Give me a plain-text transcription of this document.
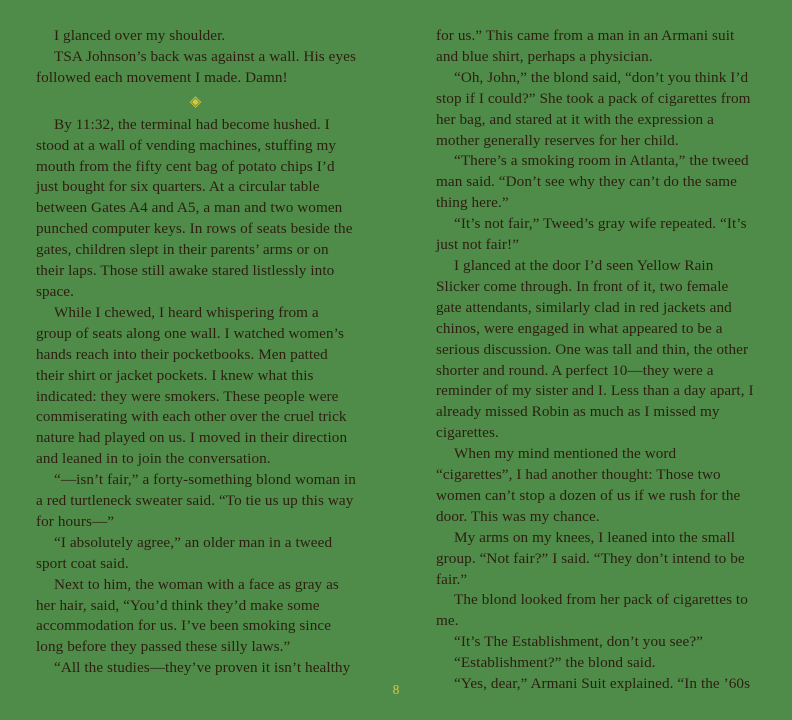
I glanced over my shoulder.

TSA Johnson’s back was against a wall. His eyes followed each movement I made. Damn!

◈

By 11:32, the terminal had become hushed. I stood at a wall of vending machines, stuffing my mouth from the fifty cent bag of potato chips I’d just bought for six quarters. At a circular table between Gates A4 and A5, a man and two women punched computer keys. In rows of seats beside the gates, children slept in their parents’ arms or on their laps. Those still awake stared listlessly into space.

While I chewed, I heard whispering from a group of seats along one wall. I watched women’s hands reach into their pocketbooks. Men patted their shirt or jacket pockets. I knew what this indicated: they were smokers. These people were commiserating with each other over the cruel trick nature had played on us. I moved in their direction and leaned in to join the conversation.

“—isn’t fair,” a forty-something blond woman in a red turtleneck sweater said. “To tie us up this way for hours—”

“I absolutely agree,” an older man in a tweed sport coat said.

Next to him, the woman with a face as gray as her hair, said, “You’d think they’d make some accommodation for us. I’ve been smoking since long before they passed these silly laws.”

“All the studies—they’ve proven it isn’t healthy

for us.” This came from a man in an Armani suit and blue shirt, perhaps a physician.

“Oh, John,” the blond said, “don’t you think I’d stop if I could?” She took a pack of cigarettes from her bag, and stared at it with the expression a mother generally reserves for her child.

“There’s a smoking room in Atlanta,” the tweed man said. “Don’t see why they can’t do the same thing here.”

“It’s not fair,” Tweed’s gray wife repeated. “It’s just not fair!”

I glanced at the door I’d seen Yellow Rain Slicker come through. In front of it, two female gate attendants, similarly clad in red jackets and chinos, were engaged in what appeared to be a serious discussion. One was tall and thin, the other shorter and round. A perfect 10—they were a reminder of my sister and I. Less than a day apart, I already missed Robin as much as I missed my cigarettes.

When my mind mentioned the word “cigarettes”, I had another thought: Those two women can’t stop a dozen of us if we rush for the door. This was my chance.

My arms on my knees, I leaned into the small group. “Not fair?” I said. “They don’t intend to be fair.”

The blond looked from her pack of cigarettes to me.

“It’s The Establishment, don’t you see?”

“Establishment?” the blond said.

“Yes, dear,” Armani Suit explained. “In the ’60s

8
